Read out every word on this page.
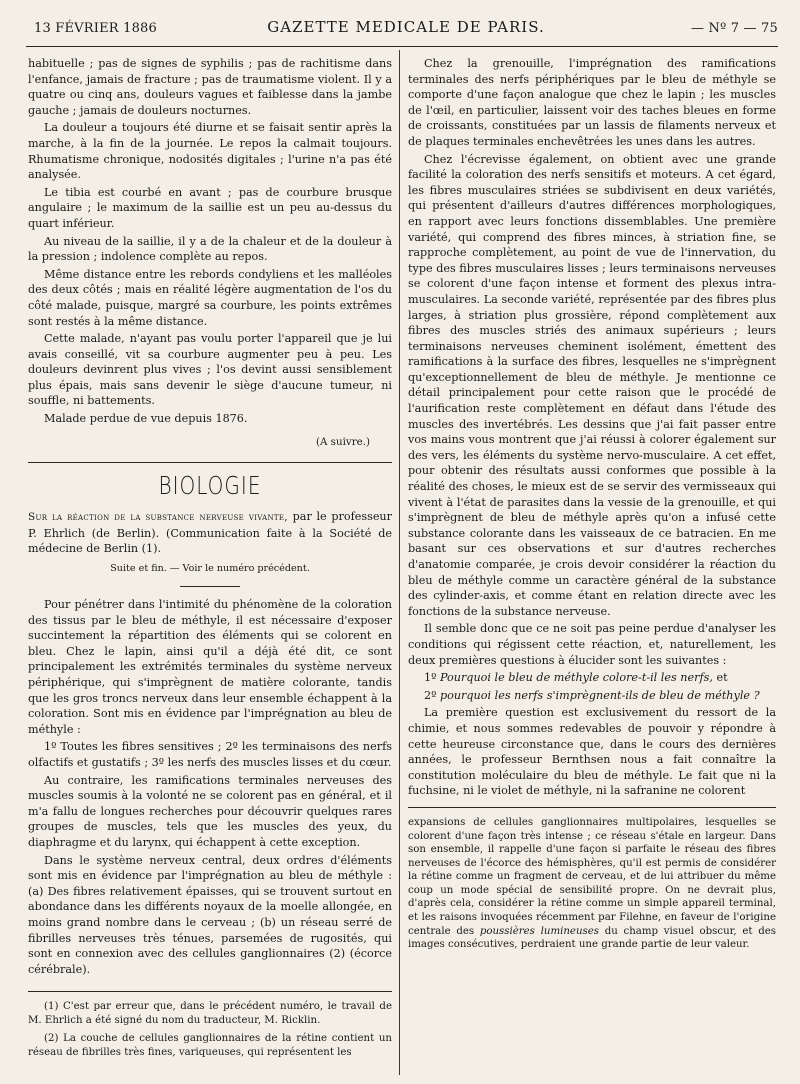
13 FÉVRIER 1886	GAZETTE MEDICALE DE PARIS.	— Nº 7 — 75

habituelle ; pas de signes de syphilis ; pas de rachitisme dans l'enfance, jamais de fracture ; pas de traumatisme violent. Il y a quatre ou cinq ans, douleurs vagues et faiblesse dans la jambe gauche ; jamais de douleurs nocturnes.

La douleur a toujours été diurne et se faisait sentir après la marche, à la fin de la journée. Le repos la calmait toujours. Rhumatisme chronique, nodosités digitales ; l'urine n'a pas été analysée.

Le tibia est courbé en avant ; pas de courbure brusque angulaire ; le maximum de la saillie est un peu au-dessus du quart inférieur.

Au niveau de la saillie, il y a de la chaleur et de la douleur à la pression ; indolence complète au repos.

Même distance entre les rebords condyliens et les malléoles des deux côtés ; mais en réalité légère augmentation de l'os du côté malade, puisque, margré sa courbure, les points extrêmes sont restés à la même distance.

Cette malade, n'ayant pas voulu porter l'appareil que je lui avais conseillé, vit sa courbure augmenter peu à peu. Les douleurs devinrent plus vives ; l'os devint aussi sensiblement plus épais, mais sans devenir le siège d'aucune tumeur, ni souffle, ni battements.

Malade perdue de vue depuis 1876.

(A suivre.)

BIOLOGIE

Sur la réaction de la substance nerveuse vivante, par le professeur P. Ehrlich (de Berlin). (Communication faite à la Société de médecine de Berlin (1).

Suite et fin. — Voir le numéro précédent.

Pour pénétrer dans l'intimité du phénomène de la coloration des tissus par le bleu de méthyle, il est nécessaire d'exposer succintement la répartition des éléments qui se colorent en bleu. Chez le lapin, ainsi qu'il a déjà été dit, ce sont principalement les extrémités terminales du système nerveux périphérique, qui s'imprègnent de matière colorante, tandis que les gros troncs nerveux dans leur ensemble échappent à la coloration. Sont mis en évidence par l'imprégnation au bleu de méthyle :

1º Toutes les fibres sensitives ; 2º les terminaisons des nerfs olfactifs et gustatifs ; 3º les nerfs des muscles lisses et du cœur.

Au contraire, les ramifications terminales nerveuses des muscles soumis à la volonté ne se colorent pas en général, et il m'a fallu de longues recherches pour découvrir quelques rares groupes de muscles, tels que les muscles des yeux, du diaphragme et du larynx, qui échappent à cette exception.

Dans le système nerveux central, deux ordres d'éléments sont mis en évidence par l'imprégnation au bleu de méthyle : (a) Des fibres relativement épaisses, qui se trouvent surtout en abondance dans les différents noyaux de la moelle allongée, en moins grand nombre dans le cerveau ; (b) un réseau serré de fibrilles nerveuses très ténues, parsemées de rugosités, qui sont en connexion avec des cellules ganglionnaires (2) (écorce cérébrale).

(1) C'est par erreur que, dans le précédent numéro, le travail de M. Ehrlich a été signé du nom du traducteur, M. Ricklin.

(2) La couche de cellules ganglionnaires de la rétine contient un réseau de fibrilles très fines, variqueuses, qui représentent les

Chez la grenouille, l'imprégnation des ramifications terminales des nerfs périphériques par le bleu de méthyle se comporte d'une façon analogue que chez le lapin ; les muscles de l'œil, en particulier, laissent voir des taches bleues en forme de croissants, constituées par un lassis de filaments nerveux et de plaques terminales enchevêtrées les unes dans les autres.

Chez l'écrevisse également, on obtient avec une grande facilité la coloration des nerfs sensitifs et moteurs. A cet égard, les fibres musculaires striées se subdivisent en deux variétés, qui présentent d'ailleurs d'autres différences morphologiques, en rapport avec leurs fonctions dissemblables. Une première variété, qui comprend des fibres minces, à striation fine, se rapproche complètement, au point de vue de l'innervation, du type des fibres musculaires lisses ; leurs terminaisons nerveuses se colorent d'une façon intense et forment des plexus intra-musculaires. La seconde variété, représentée par des fibres plus larges, à striation plus grossière, répond complètement aux fibres des muscles striés des animaux supérieurs ; leurs terminaisons nerveuses cheminent isolément, émettent des ramifications à la surface des fibres, lesquelles ne s'imprègnent qu'exceptionnellement de bleu de méthyle. Je mentionne ce détail principalement pour cette raison que le procédé de l'aurification reste complètement en défaut dans l'étude des muscles des invertébrés. Les dessins que j'ai fait passer entre vos mains vous montrent que j'ai réussi à colorer également sur des vers, les éléments du système nervo-musculaire. A cet effet, pour obtenir des résultats aussi conformes que possible à la réalité des choses, le mieux est de se servir des vermisseaux qui vivent à l'état de parasites dans la vessie de la grenouille, et qui s'imprègnent de bleu de méthyle après qu'on a infusé cette substance colorante dans les vaisseaux de ce batracien. En me basant sur ces observations et sur d'autres recherches d'anatomie comparée, je crois devoir considérer la réaction du bleu de méthyle comme un caractère général de la substance des cylinder-axis, et comme étant en relation directe avec les fonctions de la substance nerveuse.

Il semble donc que ce ne soit pas peine perdue d'analyser les conditions qui régissent cette réaction, et, naturellement, les deux premières questions à élucider sont les suivantes :

1º Pourquoi le bleu de méthyle colore-t-il les nerfs, et

2º pourquoi les nerfs s'imprègnent-ils de bleu de méthyle ?

La première question est exclusivement du ressort de la chimie, et nous sommes redevables de pouvoir y répondre à cette heureuse circonstance que, dans le cours des dernières années, le professeur Bernthsen nous a fait connaître la constitution moléculaire du bleu de méthyle. Le fait que ni la fuchsine, ni le violet de méthyle, ni la safranine ne colorent

expansions de cellules ganglionnaires multipolaires, lesquelles se colorent d'une façon très intense ; ce réseau s'étale en largeur. Dans son ensemble, il rappelle d'une façon si parfaite le réseau des fibres nerveuses de l'écorce des hémisphères, qu'il est permis de considérer la rétine comme un fragment de cerveau, et de lui attribuer du même coup un mode spécial de sensibilité propre. On ne devrait plus, d'après cela, considérer la rétine comme un simple appareil terminal, et les raisons invoquées récemment par Filehne, en faveur de l'origine centrale des poussières lumineuses du champ visuel obscur, et des images consécutives, perdraient une grande partie de leur valeur.
